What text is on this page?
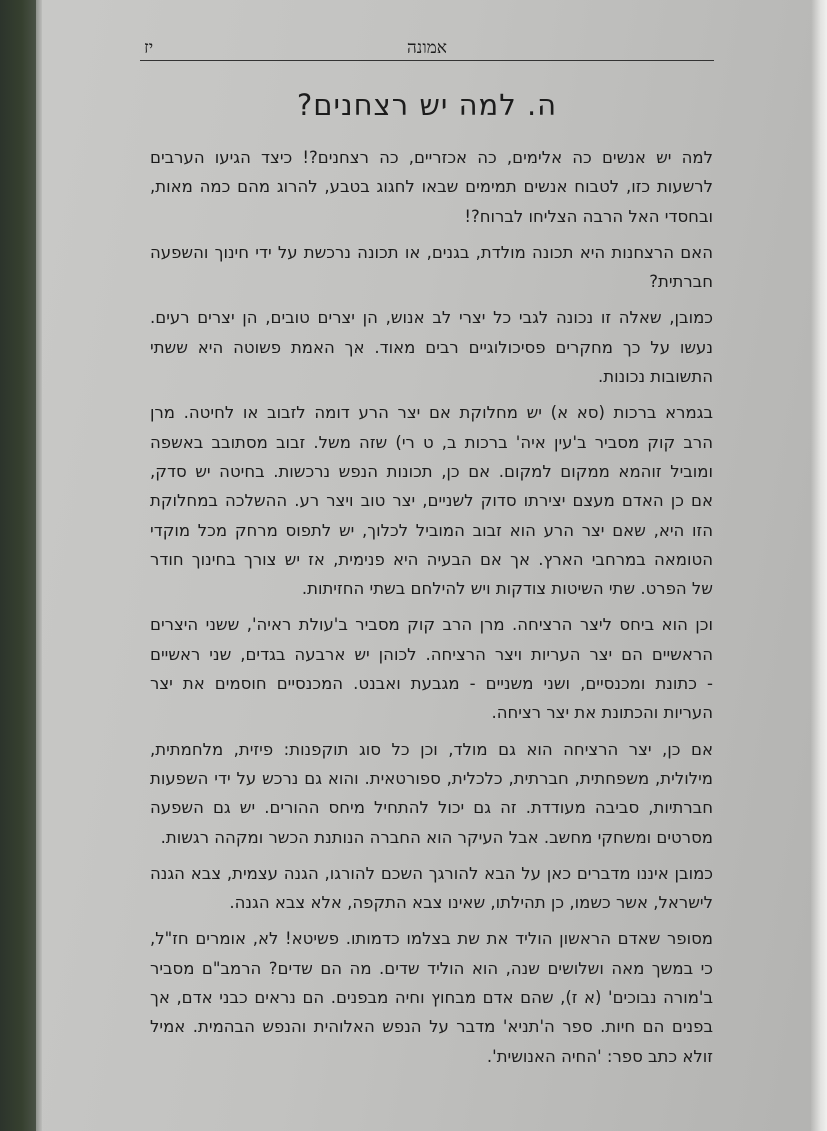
יז	אמונה
ה. למה יש רצחנים?
למה יש אנשים כה אלימים, כה אכזריים, כה רצחנים?! כיצד הגיעו הערבים
לרשעות כזו, לטבוח אנשים תמימים שבאו לחגוג בטבע, להרוג מהם כמה מאות,
ובחסדי האל הרבה הצליחו לברוח?!
האם הרצחנות היא תכונה מולדת, בגנים, או תכונה נרכשת על ידי חינוך והשפעה
חברתית?
כמובן, שאלה זו נכונה לגבי כל יצרי לב אנוש, הן יצרים טובים, הן יצרים רעים.
נעשו על כך מחקרים פסיכולוגיים רבים מאוד. אך האמת פשוטה היא ששתי
התשובות נכונות.
בגמרא ברכות (סא א) יש מחלוקת אם יצר הרע דומה לזבוב או לחיטה. מרן
הרב קוק מסביר ב'עין איה' ברכות ב, ט רי) שזה משל. זבוב מסתובב באשפה
ומוביל זוהמא ממקום למקום. אם כן, תכונות הנפש נרכשות. בחיטה יש סדק,
אם כן האדם מעצם יצירתו סדוק לשניים, יצר טוב ויצר רע. ההשלכה במחלוקת
הזו היא, שאם יצר הרע הוא זבוב המוביל לכלוך, יש לתפוס מרחק מכל מוקדי
הטומאה במרחבי הארץ. אך אם הבעיה היא פנימית, אז יש צורך בחינוך חודר
של הפרט. שתי השיטות צודקות ויש להילחם בשתי החזיתות.
וכן הוא ביחס ליצר הרציחה. מרן הרב קוק מסביר ב'עולת ראיה', ששני היצרים
הראשיים הם יצר העריות ויצר הרציחה. לכוהן יש ארבעה בגדים, שני ראשיים
- כתונת ומכנסיים, ושני משניים - מגבעת ואבנט. המכנסיים חוסמים את יצר
העריות והכתונת את יצר רציחה.
אם כן, יצר הרציחה הוא גם מולד, וכן כל סוג תוקפנות: פיזית, מלחמתית,
מילולית, משפחתית, חברתית, כלכלית, ספורטאית. והוא גם נרכש על ידי השפעות
חברתיות, סביבה מעודדת. זה גם יכול להתחיל מיחס ההורים. יש גם השפעה
מסרטים ומשחקי מחשב. אבל העיקר הוא החברה הנותנת הכשר ומקהה רגשות.
כמובן איננו מדברים כאן על הבא להורגך השכם להורגו, הגנה עצמית, צבא הגנה
לישראל, אשר כשמו, כן תהילתו, שאינו צבא התקפה, אלא צבא הגנה.
מסופר שאדם הראשון הוליד את שת בצלמו כדמותו. פשיטא! לא, אומרים חז"ל,
כי במשך מאה ושלושים שנה, הוא הוליד שדים. מה הם שדים? הרמב"ם מסביר
ב'מורה נבוכים' (א ז), שהם אדם מבחוץ וחיה מבפנים. הם נראים כבני אדם, אך
בפנים הם חיות. ספר ה'תניא' מדבר על הנפש האלוהית והנפש הבהמית. אמיל
זולא כתב ספר: 'החיה האנושית'.
